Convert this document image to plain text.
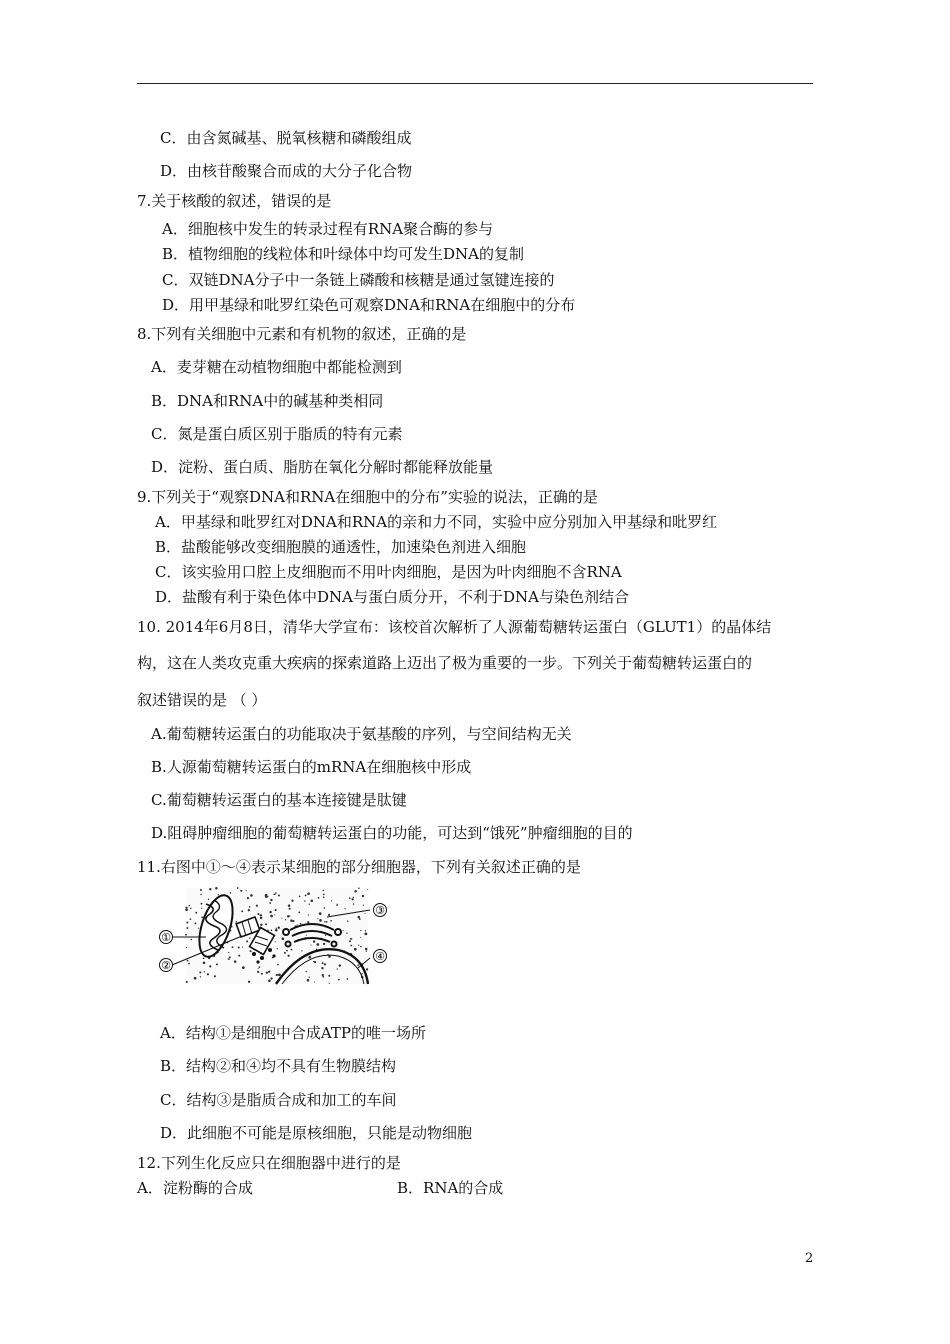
C．由含氮碱基、脱氧核糖和磷酸组成
D．由核苷酸聚合而成的大分子化合物
7.关于核酸的叙述，错误的是
A．细胞核中发生的转录过程有RNA聚合酶的参与
B．植物细胞的线粒体和叶绿体中均可发生DNA的复制
C．双链DNA分子中一条链上磷酸和核糖是通过氢键连接的
D．用甲基绿和吡罗红染色可观察DNA和RNA在细胞中的分布
8.下列有关细胞中元素和有机物的叙述，正确的是
A．麦芽糖在动植物细胞中都能检测到
B．DNA和RNA中的碱基种类相同
C．氮是蛋白质区别于脂质的特有元素
D．淀粉、蛋白质、脂肪在氧化分解时都能释放能量
9.下列关于“观察DNA和RNA在细胞中的分布”实验的说法，正确的是
A．甲基绿和吡罗红对DNA和RNA的亲和力不同，实验中应分别加入甲基绿和吡罗红
B．盐酸能够改变细胞膜的通透性，加速染色剂进入细胞
C．该实验用口腔上皮细胞而不用叶肉细胞，是因为叶肉细胞不含RNA
D．盐酸有利于染色体中DNA与蛋白质分开，不利于DNA与染色剂结合
10. 2014年6月8日，清华大学宣布：该校首次解析了人源葡萄糖转运蛋白（GLUT1）的晶体结
构，这在人类攻克重大疾病的探索道路上迈出了极为重要的一步。下列关于葡萄糖转运蛋白的
叙述错误的是 （ ）
A.葡萄糖转运蛋白的功能取决于氨基酸的序列，与空间结构无关
B.人源葡萄糖转运蛋白的mRNA在细胞核中形成
C.葡萄糖转运蛋白的基本连接键是肽键
D.阻碍肿瘤细胞的葡萄糖转运蛋白的功能，可达到“饿死”肿瘤细胞的目的
11.右图中①～④表示某细胞的部分细胞器，下列有关叙述正确的是
①
②
③
④
A．结构①是细胞中合成ATP的唯一场所
B．结构②和④均不具有生物膜结构
C．结构③是脂质合成和加工的车间
D．此细胞不可能是原核细胞，只能是动物细胞
12.下列生化反应只在细胞器中进行的是
A．淀粉酶的合成	B．RNA的合成
2
